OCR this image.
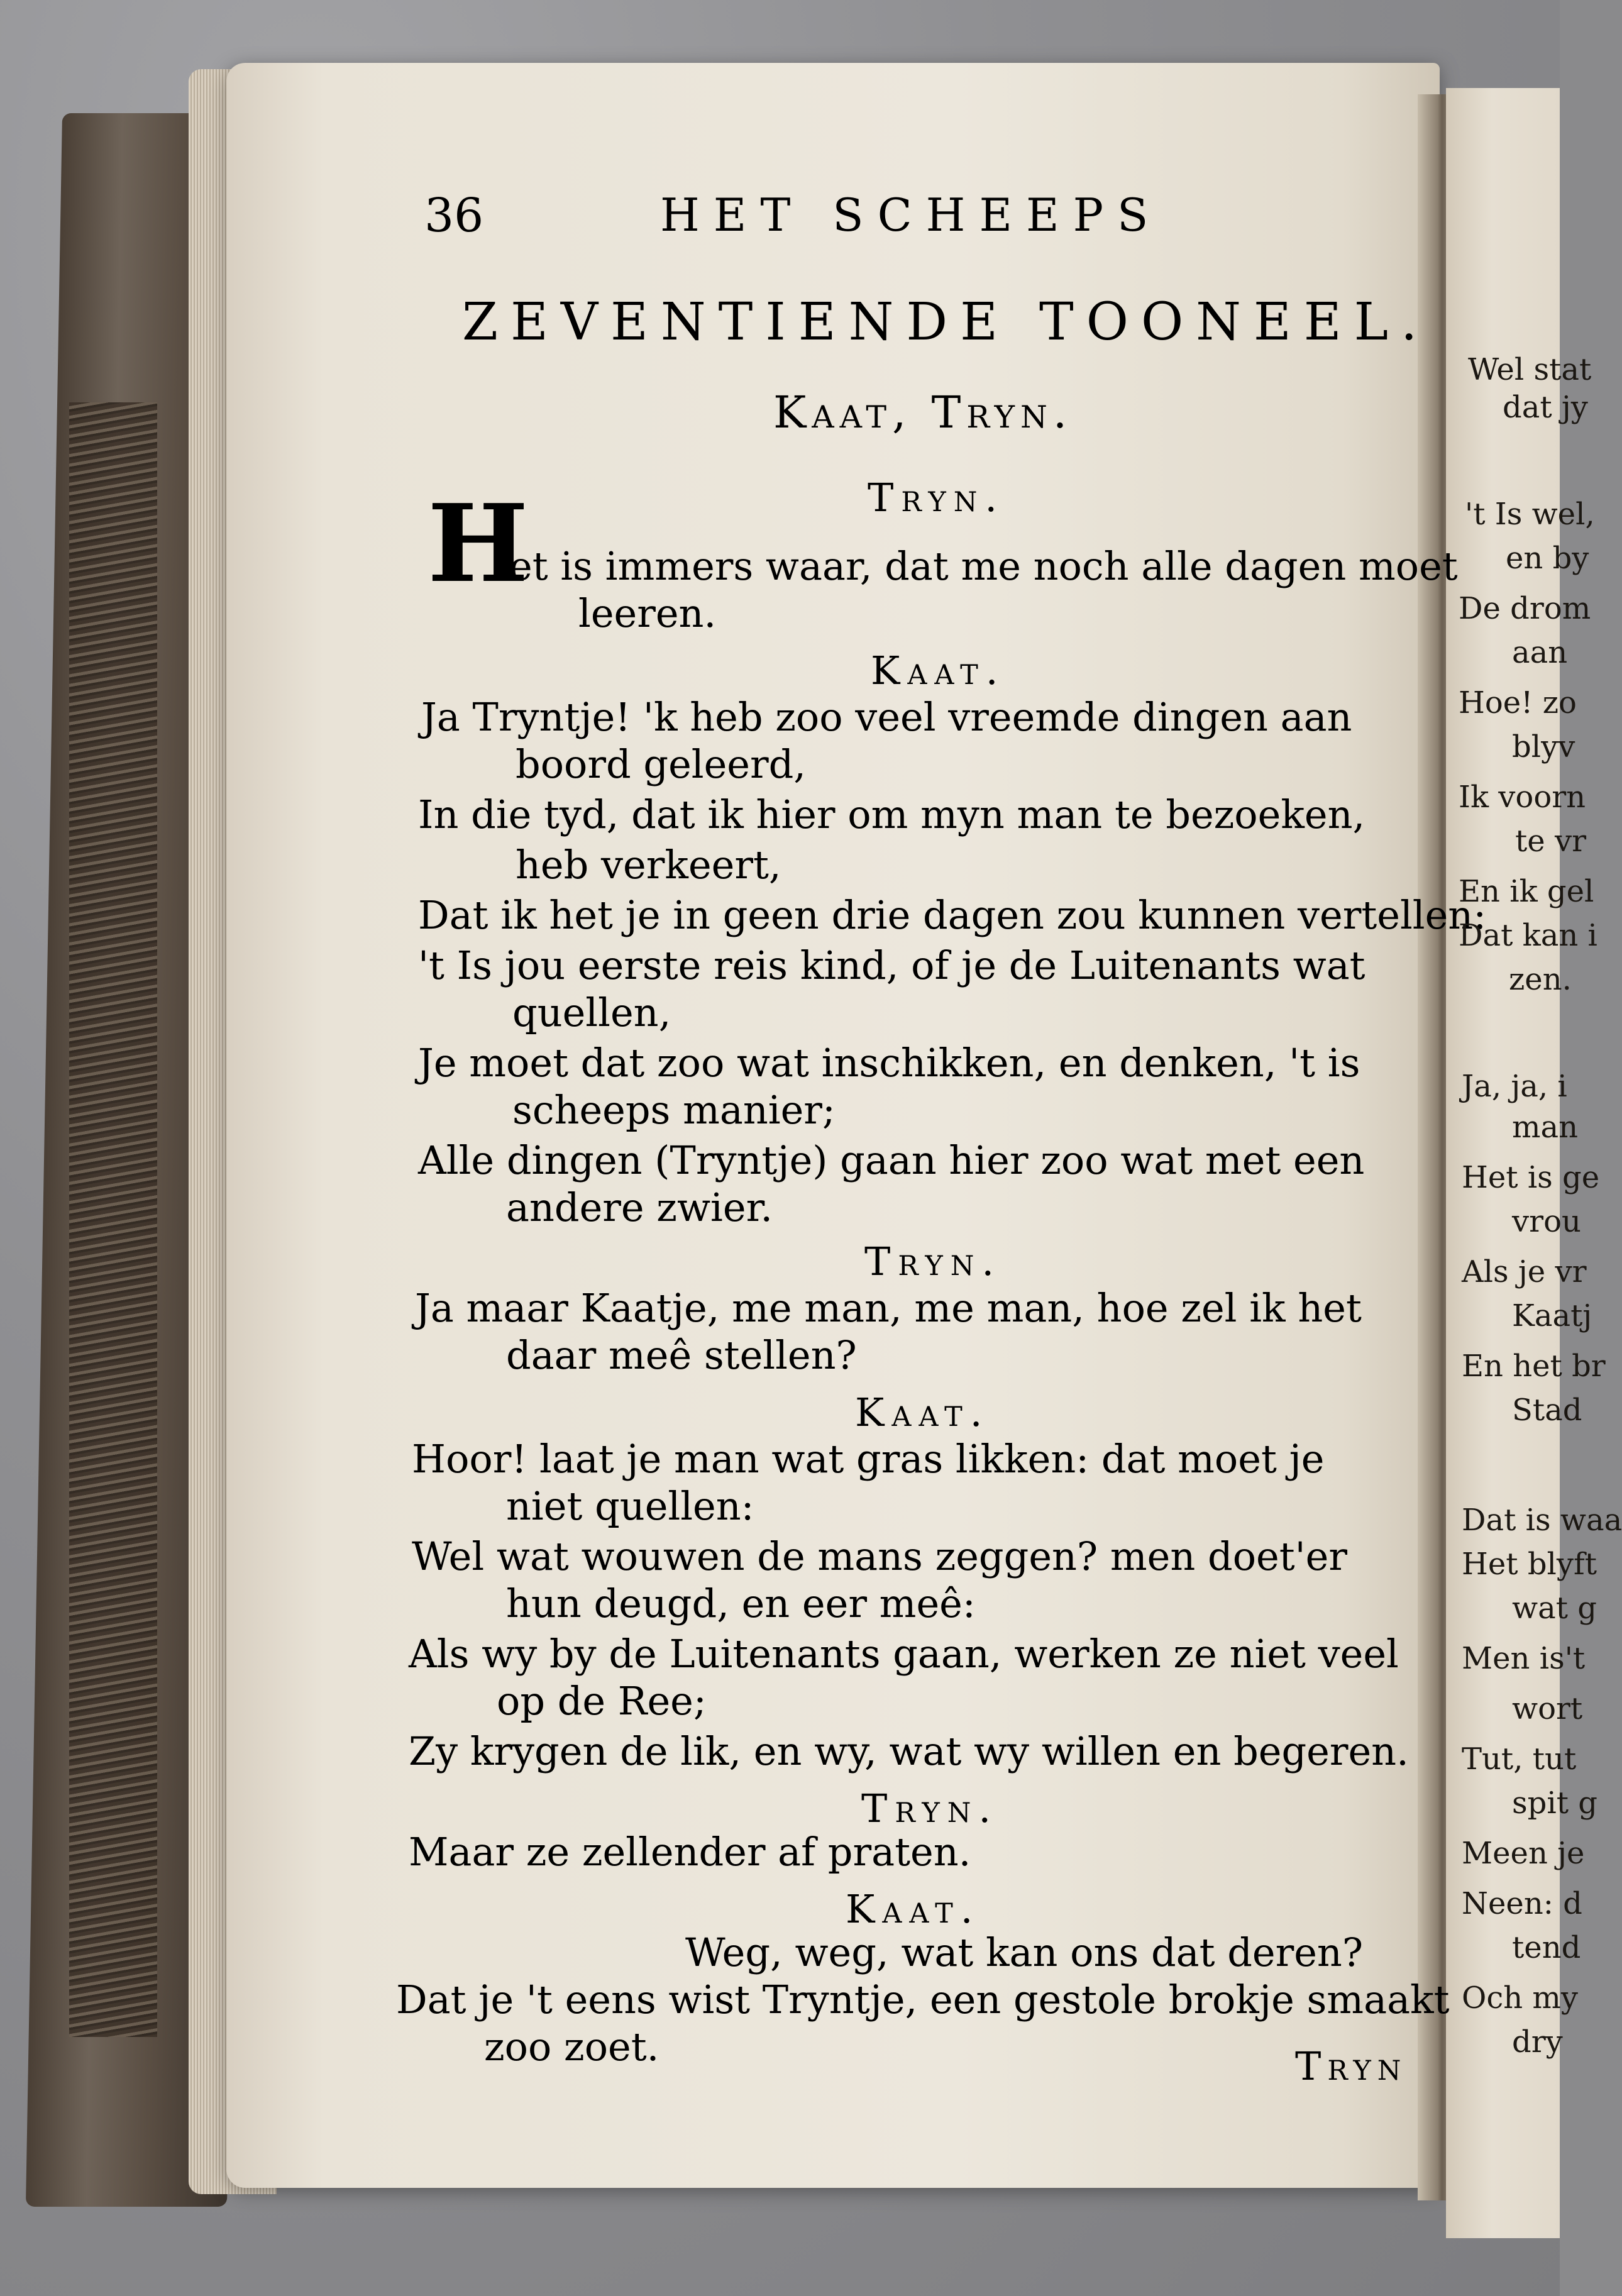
36	HET SCHEEPS
ZEVENTIENDE TOONEEL.
Kaat, Tryn.
Tryn.
H
et is immers waar, dat me noch alle dagen moet
leeren.
Kaat.
Ja Tryntje! 'k heb zoo veel vreemde dingen aan
boord geleerd,
In die tyd, dat ik hier om myn man te bezoeken,
heb verkeert,
Dat ik het je in geen drie dagen zou kunnen vertellen:
't Is jou eerste reis kind, of je de Luitenants wat
quellen,
Je moet dat zoo wat inschikken, en denken, 't is
scheeps manier;
Alle dingen (Tryntje) gaan hier zoo wat met een
andere zwier.
Tryn.
Ja maar Kaatje, me man, me man, hoe zel ik het
daar meê stellen?
Kaat.
Hoor! laat je man wat gras likken: dat moet je
niet quellen:
Wel wat wouwen de mans zeggen? men doet'er
hun deugd, en eer meê:
Als wy by de Luitenants gaan, werken ze niet veel
op de Ree;
Zy krygen de lik, en wy, wat wy willen en begeren.
Tryn.
Maar ze zellender af praten.
Kaat.
Weg, weg, wat kan ons dat deren?
Dat je 't eens wist Tryntje, een gestole brokje smaakt
zoo zoet.	Tryn
Wel stat
dat jy
't Is wel,
en by
De drom
aan
Hoe! zo
blyv
Ik voorn
te vr
En ik gel
Dat kan i
zen.
Ja, ja, i
man
Het is ge
vrou
Als je vr
Kaatj
En het br
Stad
Dat is waa
Het blyft
wat g
Men is't
wort
Tut, tut
spit g
Meen je
Neen: d
tend
Och my
dry
